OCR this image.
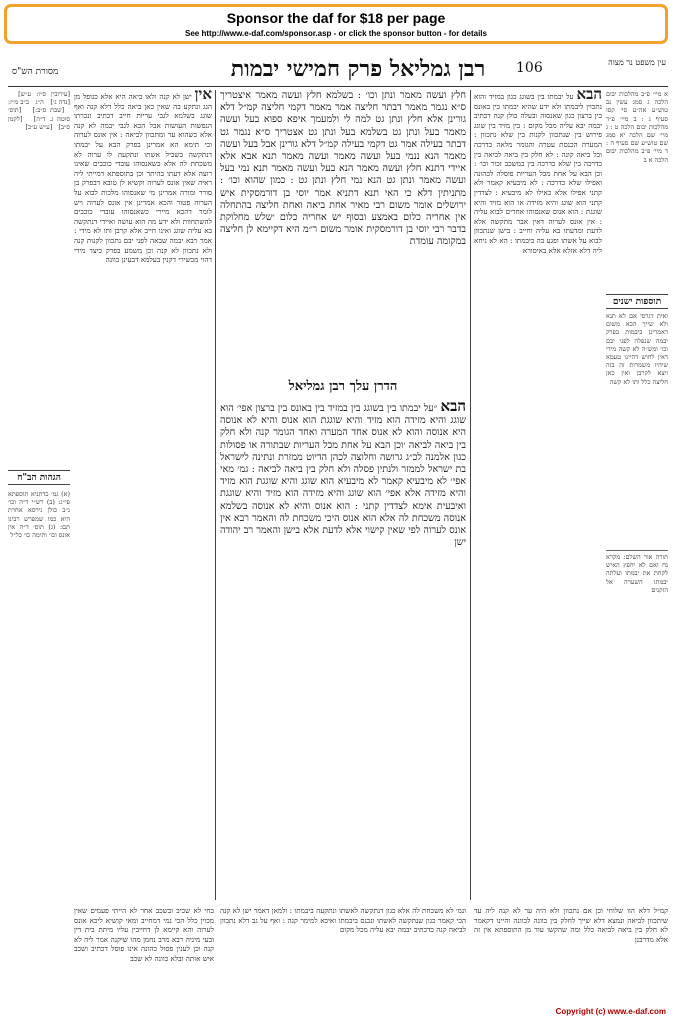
Sponsor the daf for $18 per page
See http://www.e-daf.com/sponsor.asp - or click the sponsor button - for details
מסורת הש"ס	רבן גמליאל פרק חמישי יבמות	106	עין משפט נר מצוה
[עירובין ס״ו: ע״ש]   [נדה ג׳]   ה״ג   ב״ב מ״ז:   [שבת ס״ב:]   [תוס׳ סוטה ג. ד״ה]   [לקמן ס״ב]   [ע״ש ע״ב]
הגהות הב"ח
(א) גמ׳ כדתניא תוספתא פי״ג: (ב) רש״י ד״ה וכו׳ נ״ב כולן גירסא אחרת היא כמו שמפרש רבינו תם: (ג) תוס׳ ד״ה אין אונס וכו׳ ותימה כו׳ כל״ל
אין ישן לא קנה ולאו ביאה היא אלא כנופל מן הגג ונתקע בה שאין כאן ביאה כלל דלא קנה ואף שוגג בשלמא לגבי עריות חייב דכתיב ונכרתו הנפשות העושות אבל הכא לגבי יבמה לא קנה אלא כשהוא ער ומתכוון לביאה : אין אונס לערוה וכי תימא הא אמרינן בפרק הבא על יבמתו דנתקשה בשביל אשתו ונתקעה לו ערוה לא משכחת לה אלא כשאנסוהו עובדי כוכבים שאינו רוצה אלא דעתו בהיתר וכן בתוספתא דמייתי ליה ראיה שאין אונס לערוה וקשיא לן טובא דבפרק בן סורר ומורה אמרינן מי שאנסוהו מלכות לבוא על הערוה פטור והכא אמרינן אין אונס לערוה ויש לומר דהכא מיירי כשאנסוהו עובדי כוכבים להשתחוות ולא ידע מה הוא עושה ואיידי דנתקשה בא עליה שוגג ואינו חייב אלא קרבן ותו לא מידי : אמר רבא יבמה שבאה לפני יבם נתכוון לקנות קנה ולא נתכוון לא קנה וכן משמע בפרק כיצד מידי דהוי מכשירי דקנין בעלמא דבעינן כוונה
חלץ ועשה מאמר ונתן וכו׳ : בשלמא חלץ ועשה מאמר איצטריך ס״א נגמר מאמר דבתר חליצה אמר מאמר דקמי חליצה קמ״ל דלא גורינן אלא חלץ ונתן גט למה לי ולמעמך איפא ספוא בעל ועשה מאמר בעל ונתן גט בשלמא בעל ונתן גט אצטריך ס״א נגמר גט דבתר בעילה אמר גט דקמי בעילה קמ״ל דלא גורינן אבל בעל ועשה מאמר הנא ננמי בעל ועשה מאמר ועשה מאמר תנא אבא אלא איידי דתנא חלץ ועשה מאמר הנא בעל ועשה מאמר תנא נמי בעל ועשה מאמר ונתן גט הנא נמי חלץ ונתן גט : כמון שהוא וכו׳ : מתניתין דלא כי האי תנא דתניא אמר יוסי בן דורמסקית איש ירושלים אומר משום רבי מאיר אחת ביאה ואחת חליצה בהתחלה אין אחריה כלום באמצע ובסוף יש אחריה כלום ׳שלש מחלוקת בדבר רבי יוסי בן דורמסקית אומר משום ר״מ היא דקיימא לן חליצה במקומה עומדת
הדרן עלך רבן גמליאל
הבא ״על יבמתו בין בשוגג בין במזיד בין באונס בין ברצון אפי׳ הוא שוגג והיא מזידה הוא מזיד והיא שוגגת הוא אנוס והיא לא אנוסה היא אנוסה והוא לא אנוס אחד המערה ואחד הגומר קנה ולא חלק בין ביאה לביאה ׳וכן הבא על אחת מכל העריות שבתורה או פסולות כגון אלמנה לכ״ג גרושה וחלוצה לכהן הדיוט ממזרת ונתינה לישראל בת ישראל לממזר ולנתין פסלה ולא חלק בין ביאה לביאה : גמ׳ מאי אפי׳ לא מיבעיא קאמר לא מיבעיא הוא שוגג והיא שוגגת הוא מזיד והיא מזידה אלא אפי׳ הוא שוגג והיא מזידה הוא מזיד והיא שוגגת ואיבעית אימא לצדדין קתני : הוא אנוס והיא לא אנוסה בשלמא אנוסה משכחת לה אלא הוא אנוס היכי משכחת לה והאמר רבא אין אונס לערוה לפי שאין קישוי אלא לדעת אלא בישן והאמר רב יהודה ישן
הבא על יבמתו בין בשוגג כגון במזיד והוא נתכוין ליבמתו ולא ידע שהיא יבמתו בין באונס בין ברצון כגון שאנסוה ובעלה כולן קנה דכתיב יבמה יבא עליה מכל מקום : בין מזיד בין שוגג פירוש בין שנתכוון לקנות בין שלא נתכוון : המערה הכנסת עטרה והגומר מלאה כדרכה וכל ביאה קונה : לא חלק בין ביאה לביאה בין כדרכה בין שלא כדרכה בין במשכב זכור וכו׳ : וכן הבא על אחת מכל העריות פוסלה לכהונה ואפילו שלא כדרכה : לא מיבעיא קאמר ולא קתני אפילו אלא כאילו לא מיבעיא : לצדדין קתני הוא שוגג והיא מזידה או הוא מזיד והיא שוגגת : הוא אנוס שאנסוהו אחרים לבוא עליה : אין אונס לערוה דאין אבר מתקשה אלא לדעת ומדעתו בא עליה וחייב : בישן שנתכוון לבוא על אשתו ופגע בה ביבמתו : הא לא ניחא ליה דלא אזלא אלא באיסורא
א מיי׳ פ״ב מהלכות יבום הלכה ג סמג עשין נב טוש״ע אה״ע סי׳ קסו סעיף ג : ב מיי׳ פ״ד מהלכות יבום הלכה ט : ג מיי׳ שם הלכה יא סמג שם טוש״ע שם סעיף ה : ד מיי׳ פ״ב מהלכות יבום הלכה א ב
תוספות ישנים
ואית דגרסי אם לא תנא ולא שייך הכא משום דאמרינן ביבמות בפרק יבמה שנפלה לפני יבם וכו׳ ומש״ה לא קשה מידי דאין לחוש דהיינו טעמא שיהיו משמרות זה בזה ויצא לקרבן ואין כאן חליצה כלל ותו לא קשה
תורה אור השלם: מקרא נח ואם לא יחפץ האיש לקחת את יבמתו ועלתה יבמתו השערה אל הזקנים
בחי לא שכיב ובשכב אחר לא הייתי פעמים שאין מכוין כלל הכי נמי דמחייב ומאי קושיא ליכא אונס לערוה והא קיימא לן דחייבין עליו מיתת בית דין ובעי מיניה רבא מרב נחמן מהו שיקנה אמר ליה לא קנה וכן לענין פסול כהונה אינו פוסל דכתיב ושכב איש אותה ובלא כוונה לא שכב
ונמ׳ לא משכחת לה אלא כגון דנתקשה לאשתו ונתקעה ביבמתו : ולמאן דאמר ישן לא קנה הכי קאמר כגון שנתקשה לאשתו ונכנס ביבמתו ואיכא למימר קנה : ואף על גב דלא נתכוון לביאה קנה כדכתיב יבמה יבא עליה מכל מקום
קמ״ל דלא הוו שלוחי וכן אם נתכוון ולא היה ער לא קנה ליה עד שיתכוון לביאה ונמצא דלא שייך לחלק בין כוונה לכוונה והיינו דקאמר לא חלק בין ביאה לביאה כלל ומה שהקשו עוד מן התוספתא אין זה אלא מדרבנן
Copyright (c) www.e-daf.com
